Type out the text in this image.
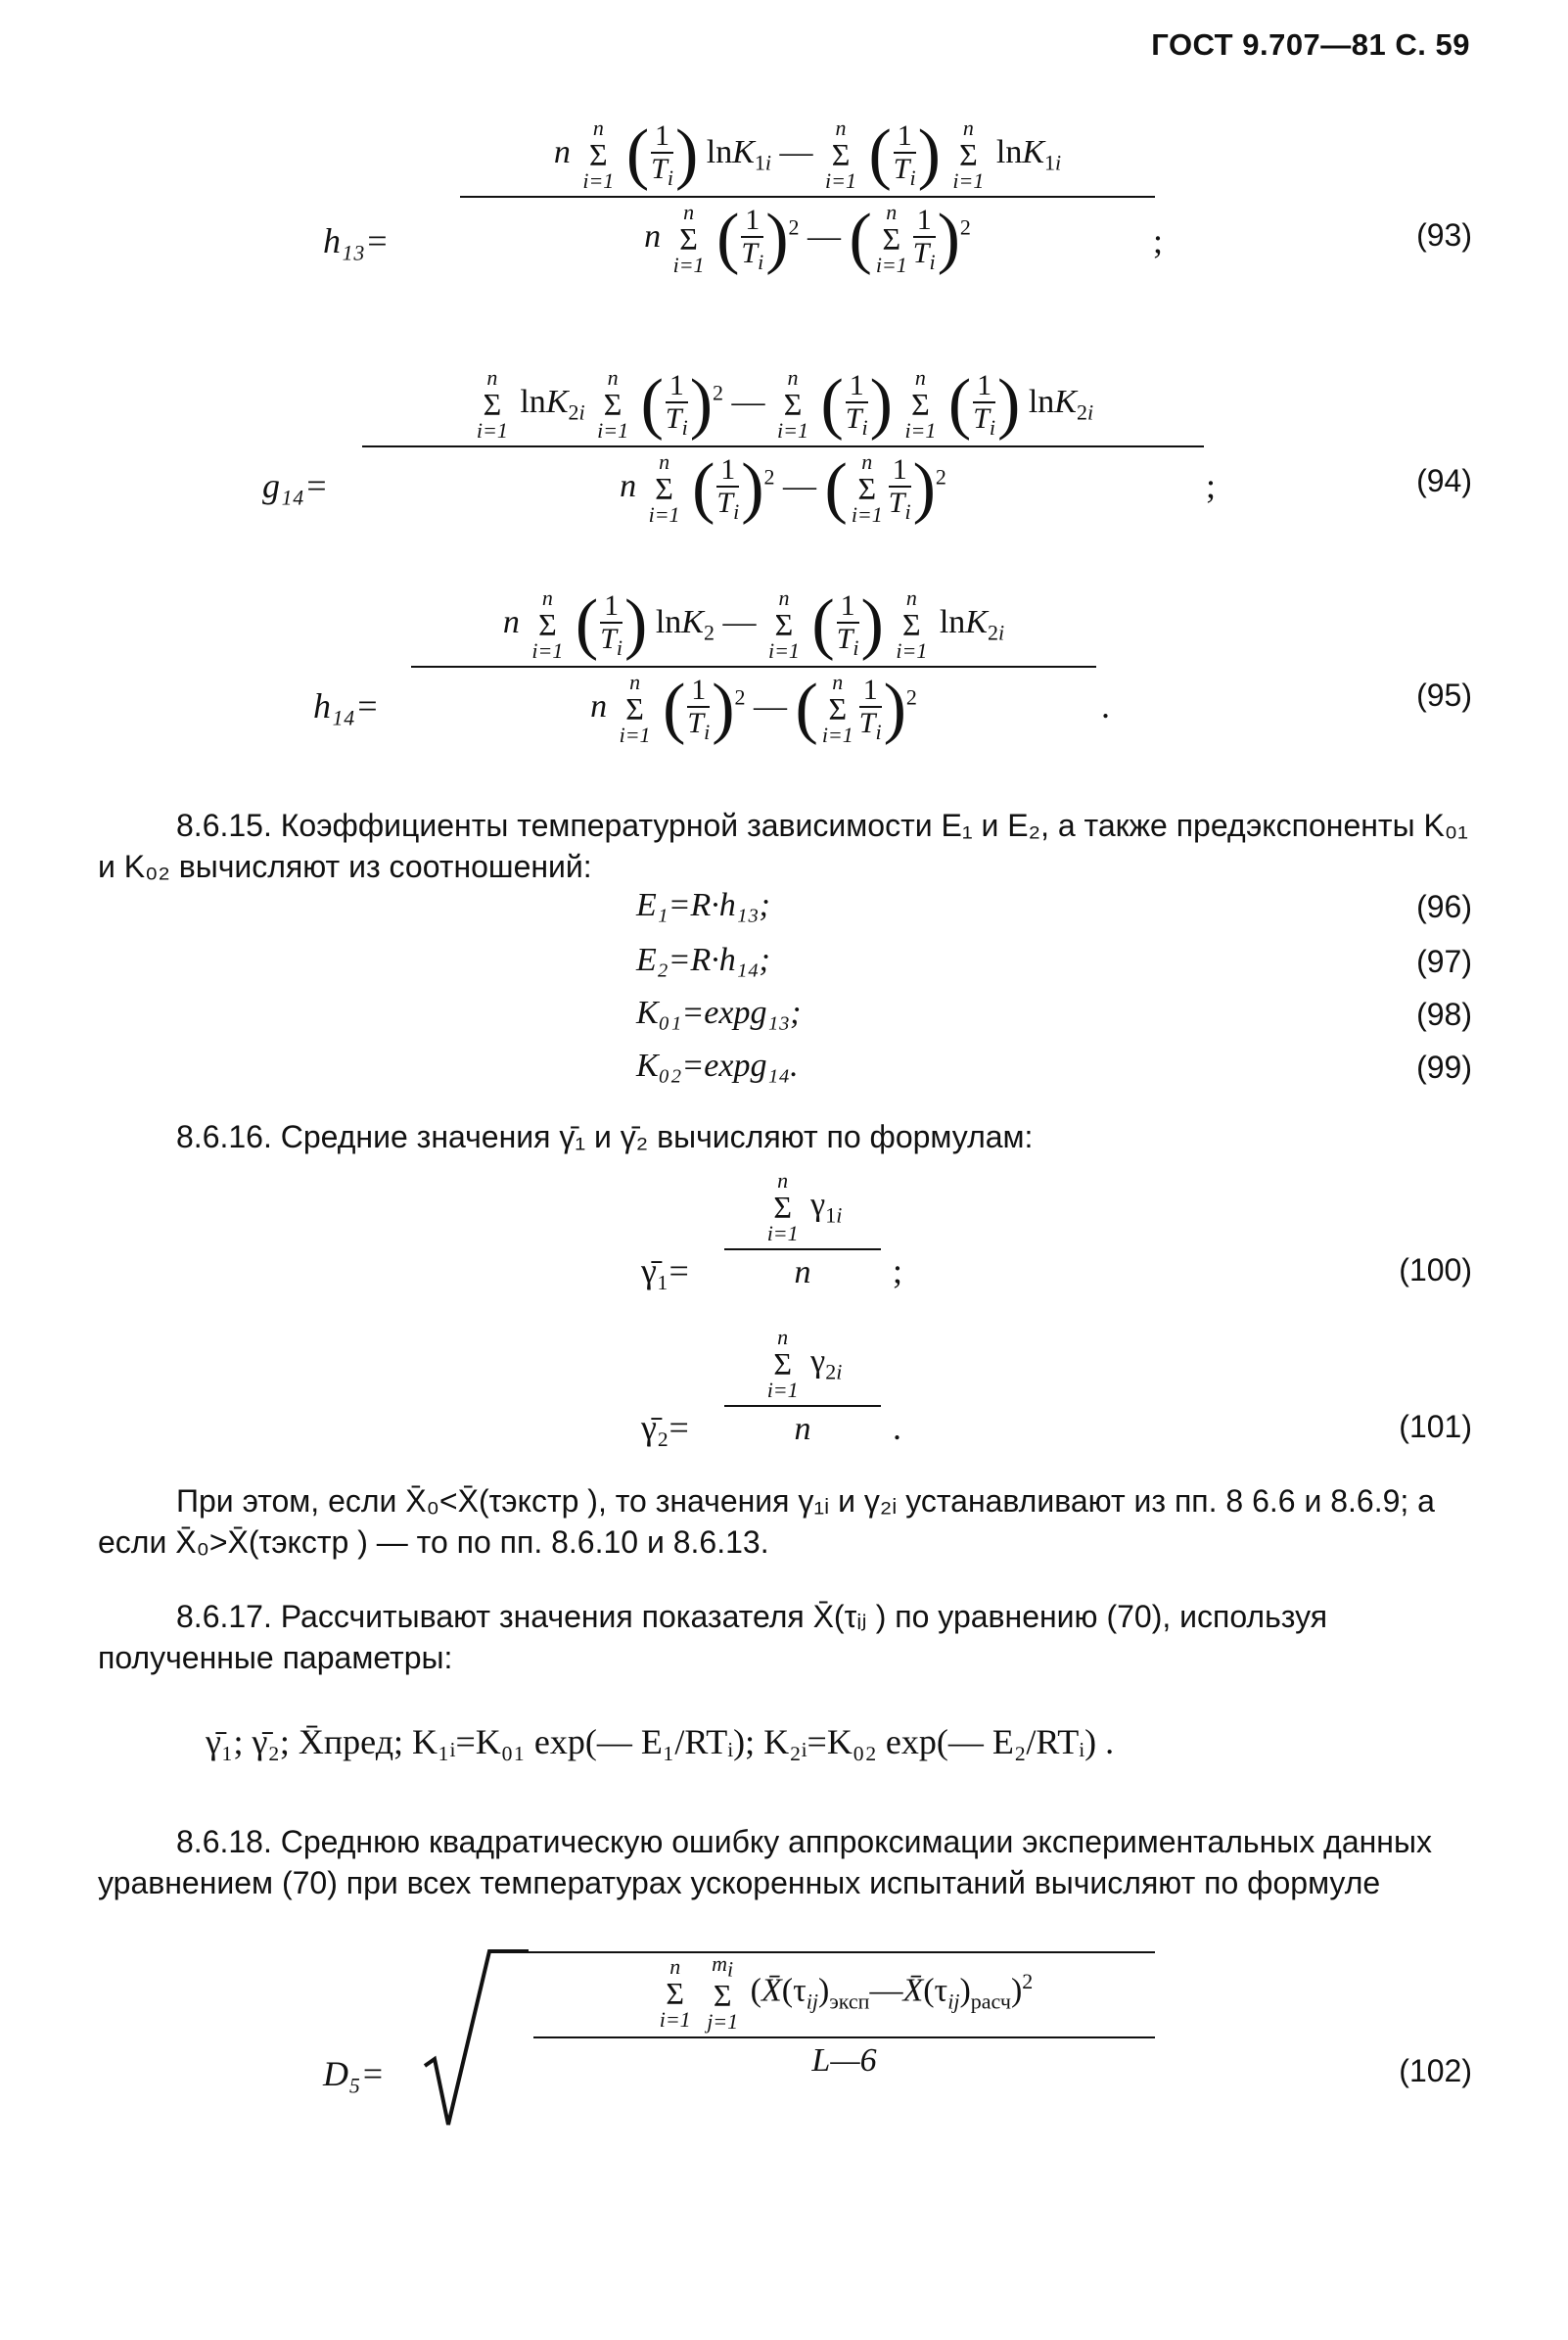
ГОСТ 9.707—81 С. 59
h₁₃=
n
n
Σ
i=1 ( $\frac{1}{T_i}$ ) lnK$_{1i}$ —
n
Σ
i=1 ( $\frac{1}{T_i}$ )	n
Σ
i=1
lnK$_{1i}$
n
n
Σ
i=1 ( $\frac{1}{T_i} )^2$ — ( n
Σ
$i=1 \frac{1}{T_i} )^2$	;	(93)
g₁₄=
n
Σ
i=1
lnK$_{2i}$
n
Σ
i=1 ( $\frac{1}{T_i} )^2$ —
n
Σ
i=1 ( $\frac{1}{T_i}$ )	n
Σ
i=1 ( $\frac{1}{T_i}$ ) lnK$_{2i}$
n
n
Σ
i=1 ( $\frac{1}{T_i} )^2$ — ( n
Σ
$i=1 \frac{1}{T_i} )^2$	;	(94)
h₁₄=
n
n
Σ
i=1 ( $\frac{1}{T_i}$ ) lnK$_2$ —
n
Σ
i=1 ( $\frac{1}{T_i}$ )	n
Σ
i=1
lnK$_{2i}$
n
n
Σ
i=1 ( $\frac{1}{T_i} )^2$ — ( n
Σ
$i=1 \frac{1}{T_i} )^2$	.	(95)
8.6.15. Коэффициенты температурной зависимости E₁ и E₂, а также предэкспоненты K₀₁ и K₀₂ вычисляют из соотношений:
E₁=R·h₁₃;	(96)
E₂=R·h₁₄;	(97)
K₀₁=expg₁₃;	(98)
K₀₂=expg₁₄.	(99)
8.6.16. Средние значения γ̄₁ и γ̄₂ вычисляют по формулам:
γ̄₁=
n
Σ
i=1
$\gamma_{1i}$
n	;	(100)
γ̄₂=
n
Σ
i=1
$\gamma_{2i}$
n	.	(101)
При этом, если X̄₀<X̄(τэкстр ), то значения γ₁ᵢ и γ₂ᵢ устанавливают из пп. 8 6.6 и 8.6.9; а если X̄₀>X̄(τэкстр ) — то по пп. 8.6.10 и 8.6.13.
8.6.17. Рассчитывают значения показателя X̄(τᵢⱼ ) по уравнению (70), используя полученные параметры:
γ̄₁; γ̄₂; X̄пред; K₁ᵢ=K₀₁ exp(— E₁/RTᵢ); K₂ᵢ=K₀₂ exp(— E₂/RTᵢ) .
8.6.18. Среднюю квадратическую ошибку аппроксимации экспериментальных данных уравнением (70) при всех температурах ускоренных испытаний вычисляют по формуле
D₅=
n
Σ
i=1

$m_i$
Σ
j=1
$(X̄(\tau_{ij})_{эксп}—X̄(\tau_{ij})_{расч})^2$
L—6	(102)
